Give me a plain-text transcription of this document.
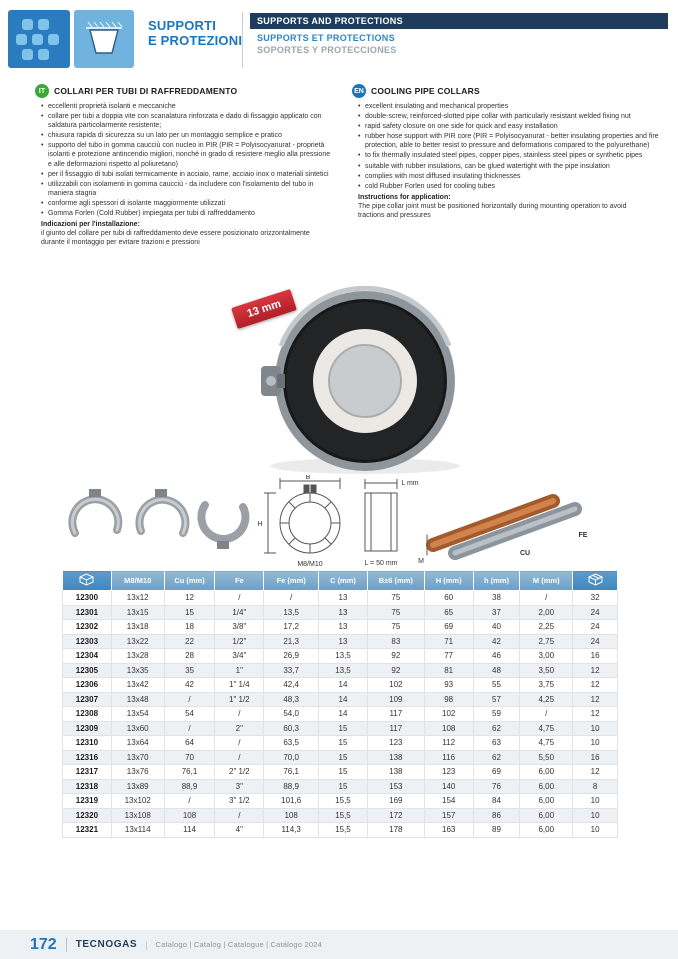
SUPPORTI
E PROTEZIONI
SUPPORTS AND PROTECTIONS
SUPPORTS ET PROTECTIONS
SOPORTES Y PROTECCIONES
IT	COLLARI PER TUBI DI RAFFREDDAMENTO
• eccellenti proprietà isolanti e meccaniche
• collare per tubi a doppia vite con scanalatura rinforzata e dado di fissaggio applicato con saldatura particolarmente resistente;
• chiusura rapida di sicurezza su un lato per un montaggio semplice e pratico
• supporto del tubo in gomma caucciù con nucleo in PIR (PIR = Polyisocyanurat - proprietà isolanti e protezione antincendio migliori, nonché in grado di resistere meglio alla pressione e alle deformazioni rispetto al poliuretano)
• per il fissaggio di tubi isolati termicamente in acciaio, rame, acciaio inox o materiali sintetici
• utilizzabili con isolamenti in gomma caucciù - da includere con l'isolamento del tubo in maniera stagna
• conforme agli spessori di isolante maggiormente utilizzati
• Gomma Forlen (Cold Rubber) impiegata per tubi di raffreddamento
Indicazioni per l'installazione:
il giunto del collare per tubi di raffreddamento deve essere posizionato orizzontalmente durante il montaggio per evitare trazioni e pressioni
EN COOLING PIPE COLLARS
• excellent insulating and mechanical properties
• double-screw, reinforced-slotted pipe collar with particularly resistant welded fixing nut
• rapid safety closure on one side for quick and easy installation
• rubber hose support with PIR core (PIR = Polyisocyanurat - better insulating properties and fire protection, able to better resist to pressure and deformations compared to the polyurethane)
• to fix thermally insulated steel pipes, copper pipes, stainless steel pipes or synthetic pipes
• suitable with rubber insulations, can be glued watertight with the pipe insulation
• complies with most diffused insulating thicknesses
• cold Rubber Forlen used for cooling tubes
Instructions for application:
The pipe collar joint must be positioned horizontally during mounting operation to avoid tractions and pressures
13 mm
B
H
M8/M10
L mm
L = 50 mm	M
CU
FE
	M8/M10	Cu (mm)	Fe	Fe (mm)	C (mm)	B±6 (mm)	H (mm)	h (mm)	M (mm)	
12300	13x12	12	/	/	13	75	60	38	/	32
12301	13x15	15	1/4"	13,5	13	75	65	37	2,00	24
12302	13x18	18	3/8"	17,2	13	75	69	40	2,25	24
12303	13x22	22	1/2"	21,3	13	83	71	42	2,75	24
12304	13x28	28	3/4"	26,9	13,5	92	77	46	3,00	16
12305	13x35	35	1"	33,7	13,5	92	81	48	3,50	12
12306	13x42	42	1" 1/4	42,4	14	102	93	55	3,75	12
12307	13x48	/	1" 1/2	48,3	14	109	98	57	4,25	12
12308	13x54	54	/	54,0	14	117	102	59	/	12
12309	13x60	/	2"	60,3	15	117	108	62	4,75	10
12310	13x64	64	/	63,5	15	123	112	63	4,75	10
12316	13x70	70	/	70,0	15	138	116	62	5,50	16
12317	13x76	76,1	2" 1/2	76,1	15	138	123	69	6,00	12
12318	13x89	88,9	3"	88,9	15	153	140	76	6,00	8
12319	13x102	/	3" 1/2	101,6	15,5	169	154	84	6,00	10
12320	13x108	108	/	108	15,5	172	157	86	6,00	10
12321	13x114	114	4"	114,3	15,5	178	163	89	6,00	10
172 TECNOGAS | Catalogo | Catalog | Catalogue | Catálogo 2024
